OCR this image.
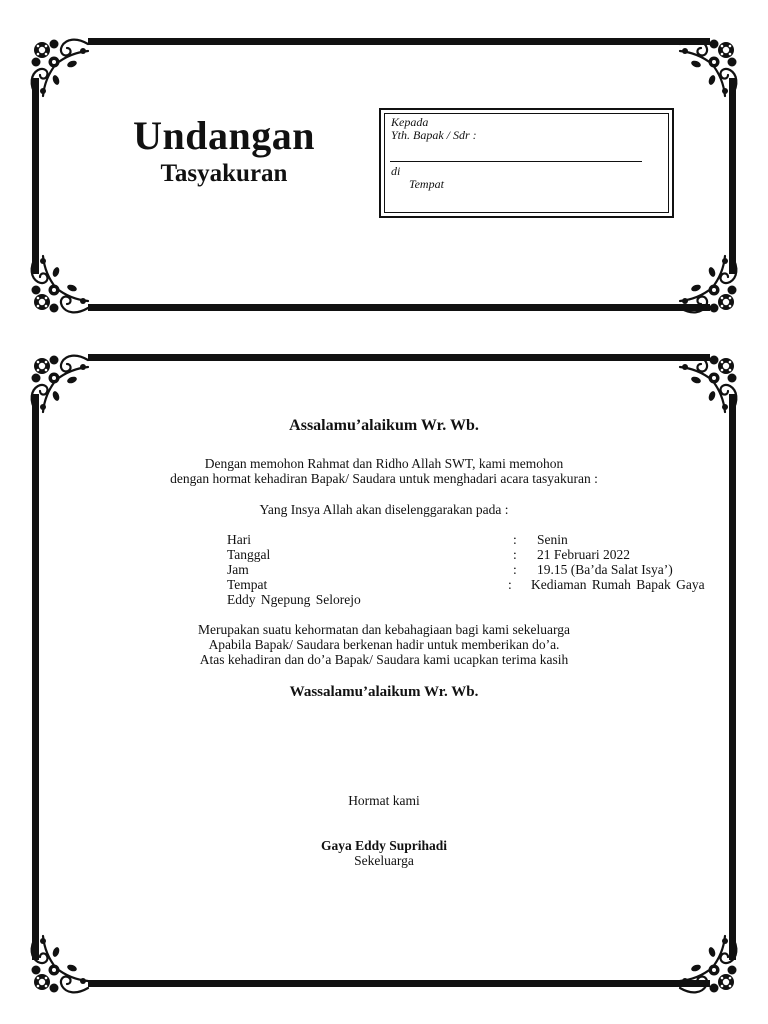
Undangan
Tasyakuran
Kepada
Yth. Bapak / Sdr :
di
Tempat
Assalamu’alaikum Wr. Wb.
Dengan memohon Rahmat dan Ridho Allah SWT, kami memohon
dengan hormat kehadiran Bapak/ Saudara untuk menghadari acara tasyakuran :
Yang Insya Allah akan diselenggarakan pada :
Hari	: Senin
Tanggal	: 21 Februari 2022
Jam	: 19.15 (Ba’da Salat Isya’)
Tempat	: Kediaman Rumah Bapak Gaya
Eddy Ngepung Selorejo
Merupakan suatu kehormatan dan kebahagiaan bagi kami sekeluarga
Apabila Bapak/ Saudara berkenan hadir untuk memberikan do’a.
Atas kehadiran dan do’a Bapak/ Saudara kami ucapkan terima kasih
Wassalamu’alaikum Wr. Wb.
Hormat kami
Gaya Eddy Suprihadi
Sekeluarga
